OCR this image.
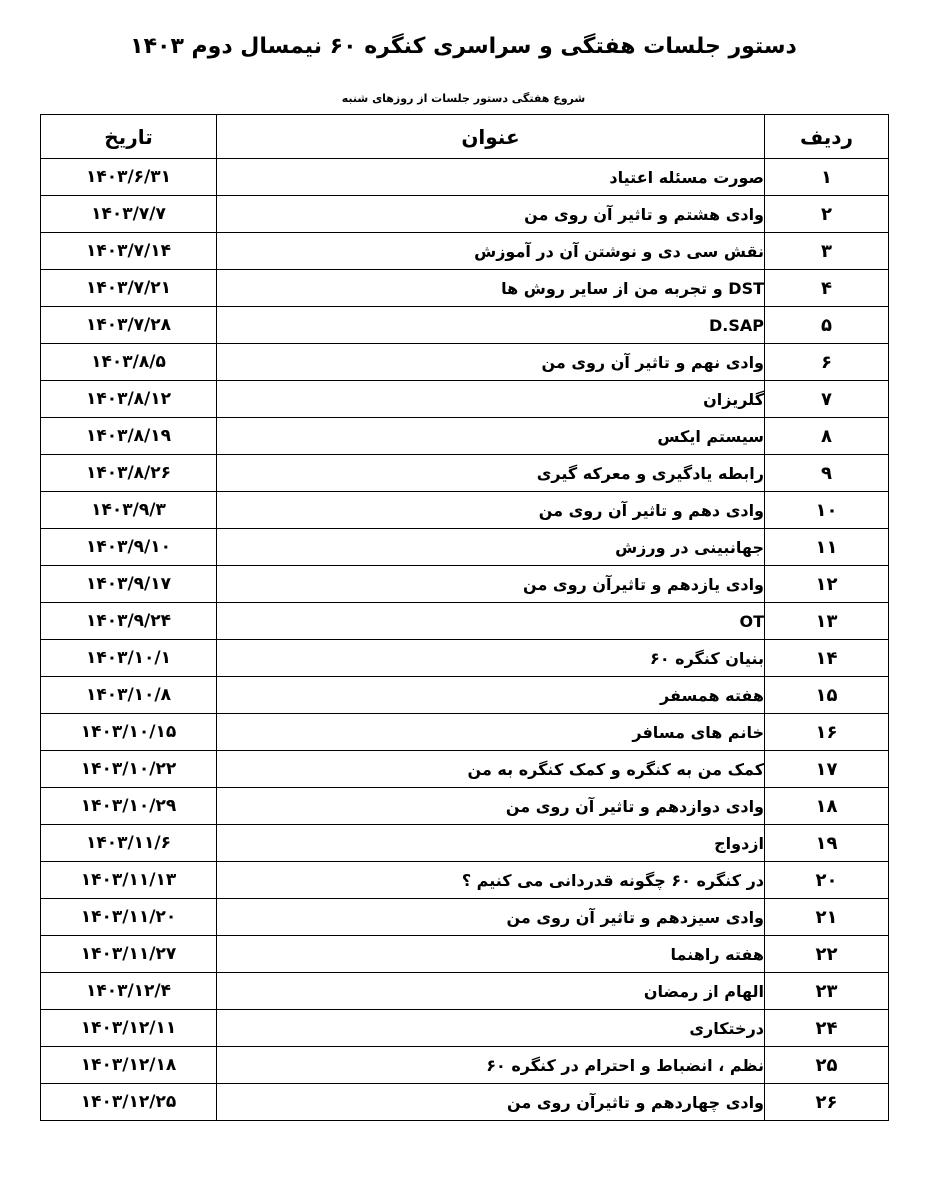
دستور جلسات هفتگی و سراسری کنگره ۶۰ نیمسال دوم ۱۴۰۳
شروع هفتگی دستور جلسات از روزهای شنبه
ردیف	عنوان	تاریخ
۱	صورت مسئله اعتیاد	۱۴۰۳/۶/۳۱
۲	وادی هشتم و تاثیر آن روی من	۱۴۰۳/۷/۷
۳	نقش سی دی و نوشتن آن در آموزش	۱۴۰۳/۷/۱۴
۴	DST و تجربه من از سایر روش ها	۱۴۰۳/۷/۲۱
۵	D.SAP	۱۴۰۳/۷/۲۸
۶	وادی نهم و تاثیر آن روی من	۱۴۰۳/۸/۵
۷	گلریزان	۱۴۰۳/۸/۱۲
۸	سیستم ایکس	۱۴۰۳/۸/۱۹
۹	رابطه یادگیری و معرکه گیری	۱۴۰۳/۸/۲۶
۱۰	وادی دهم و تاثیر آن روی من	۱۴۰۳/۹/۳
۱۱	جهانبینی در ورزش	۱۴۰۳/۹/۱۰
۱۲	وادی یازدهم و تاثیرآن روی من	۱۴۰۳/۹/۱۷
۱۳	OT	۱۴۰۳/۹/۲۴
۱۴	بنیان کنگره ۶۰	۱۴۰۳/۱۰/۱
۱۵	هفته همسفر	۱۴۰۳/۱۰/۸
۱۶	خانم های مسافر	۱۴۰۳/۱۰/۱۵
۱۷	کمک من به کنگره و کمک کنگره به من	۱۴۰۳/۱۰/۲۲
۱۸	وادی دوازدهم و تاثیر آن روی من	۱۴۰۳/۱۰/۲۹
۱۹	ازدواج	۱۴۰۳/۱۱/۶
۲۰	در کنگره ۶۰ چگونه قدردانی می کنیم ؟	۱۴۰۳/۱۱/۱۳
۲۱	وادی سیزدهم و تاثیر آن روی من	۱۴۰۳/۱۱/۲۰
۲۲	هفته راهنما	۱۴۰۳/۱۱/۲۷
۲۳	الهام از رمضان	۱۴۰۳/۱۲/۴
۲۴	درختکاری	۱۴۰۳/۱۲/۱۱
۲۵	نظم ، انضباط و احترام در کنگره ۶۰	۱۴۰۳/۱۲/۱۸
۲۶	وادی چهاردهم و تاثیرآن روی من	۱۴۰۳/۱۲/۲۵
